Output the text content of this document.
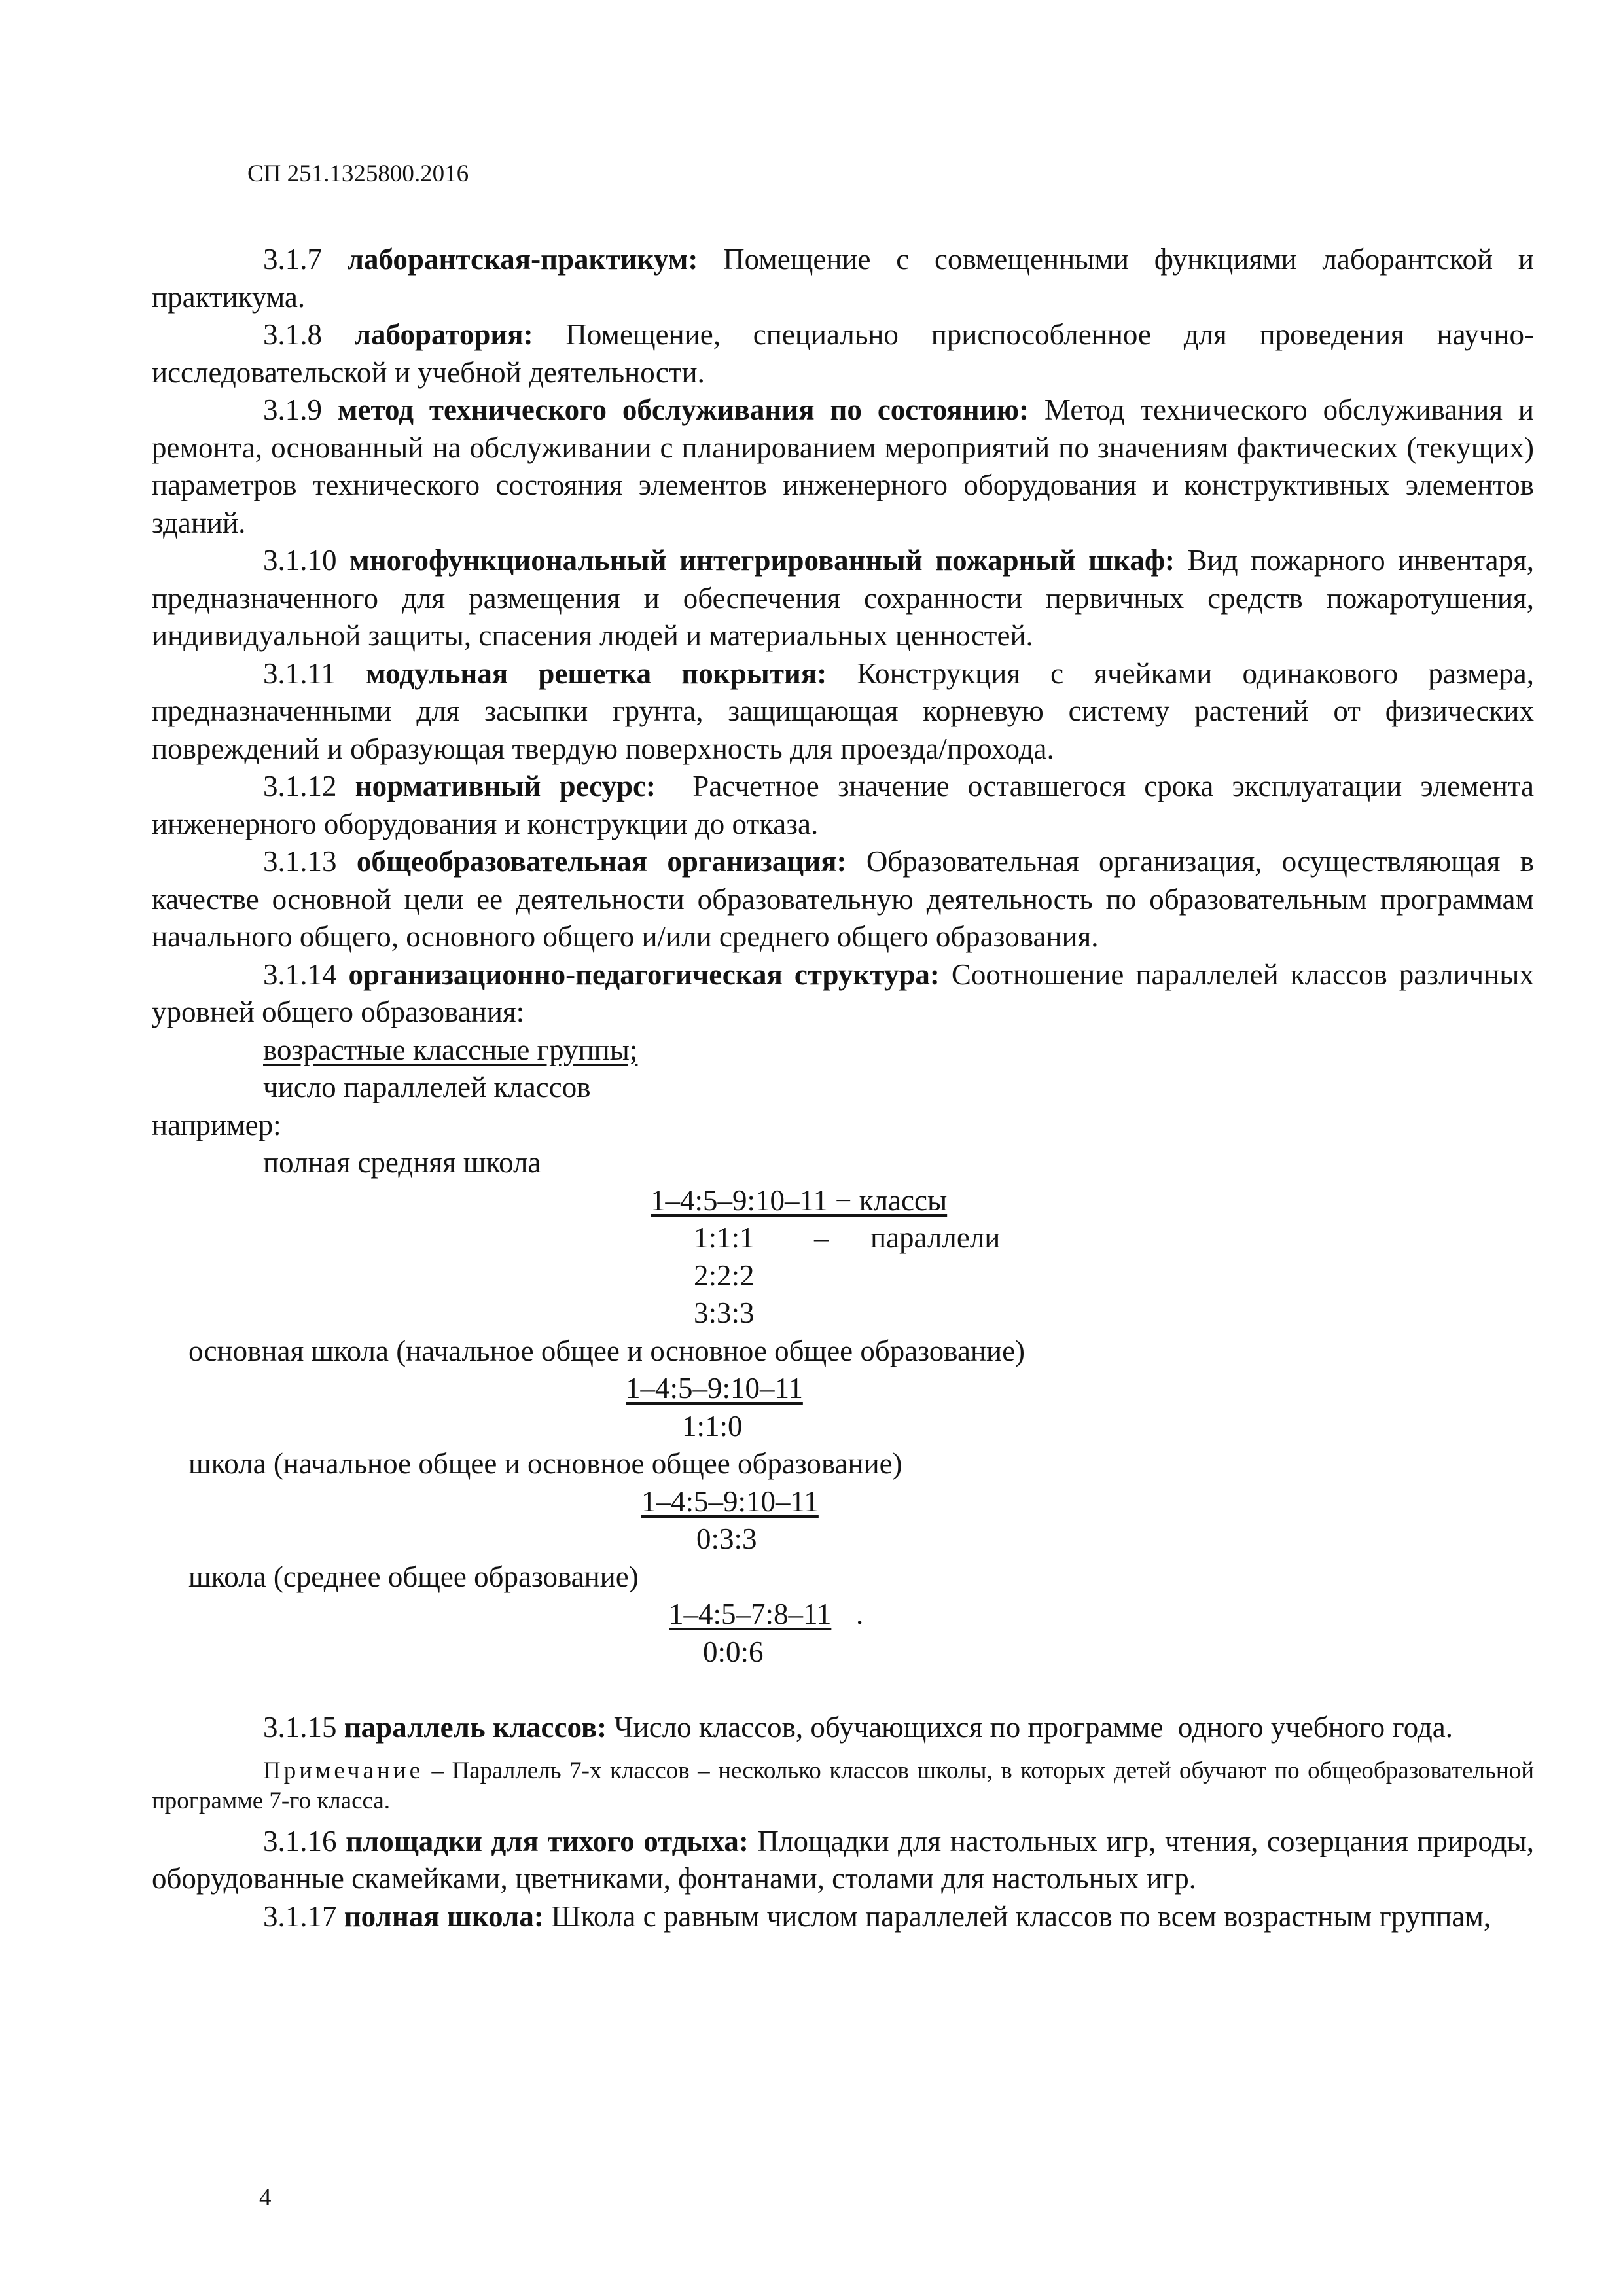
СП 251.1325800.2016

3.1.7 лаборантская-практикум: Помещение с совмещенными функциями лаборантской и практикума.

3.1.8 лаборатория: Помещение, специально приспособленное для проведения научно-исследовательской и учебной деятельности.

3.1.9 метод технического обслуживания по состоянию: Метод технического обслуживания и ремонта, основанный на обслуживании с планированием мероприятий по значениям фактических (текущих) параметров технического состояния элементов инженерного оборудования и конструктивных элементов зданий.

3.1.10 многофункциональный интегрированный пожарный шкаф: Вид пожарного инвентаря, предназначенного для размещения и обеспечения сохранности первичных средств пожаротушения, индивидуальной защиты, спасения людей и материальных ценностей.

3.1.11 модульная решетка покрытия: Конструкция с ячейками одинакового размера, предназначенными для засыпки грунта, защищающая корневую систему растений от физических повреждений и образующая твердую поверхность для проезда/прохода.

3.1.12 нормативный ресурс:  Расчетное значение оставшегося срока эксплуатации элемента инженерного оборудования и конструкции до отказа.

3.1.13 общеобразовательная организация: Образовательная организация, осуществляющая в качестве основной цели ее деятельности образовательную деятельность по образовательным программам начального общего, основного общего и/или среднего общего образования.

3.1.14 организационно-педагогическая структура: Соотношение параллелей классов различных уровней общего образования:

возрастные классные группы;

число параллелей классов

например:

полная средняя школа

1–4:5–9:10–11 − классы
1:1:1 – параллели
2:2:2
3:3:3

основная школа (начальное общее и основное общее образование)

1–4:5–9:10–11
1:1:0

школа (начальное общее и основное общее образование)

1–4:5–9:10–11
0:3:3

школа (среднее общее образование)

1–4:5–7:8–11 .
0:0:6

3.1.15 параллель классов: Число классов, обучающихся по программе  одного учебного года.

Примечание – Параллель 7-х классов – несколько классов школы, в которых детей обучают по общеобразовательной программе 7-го класса.

3.1.16 площадки для тихого отдыха: Площадки для настольных игр, чтения, созерцания природы, оборудованные скамейками, цветниками, фонтанами, столами для настольных игр.

3.1.17 полная школа: Школа с равным числом параллелей классов по всем возрастным группам,

4
